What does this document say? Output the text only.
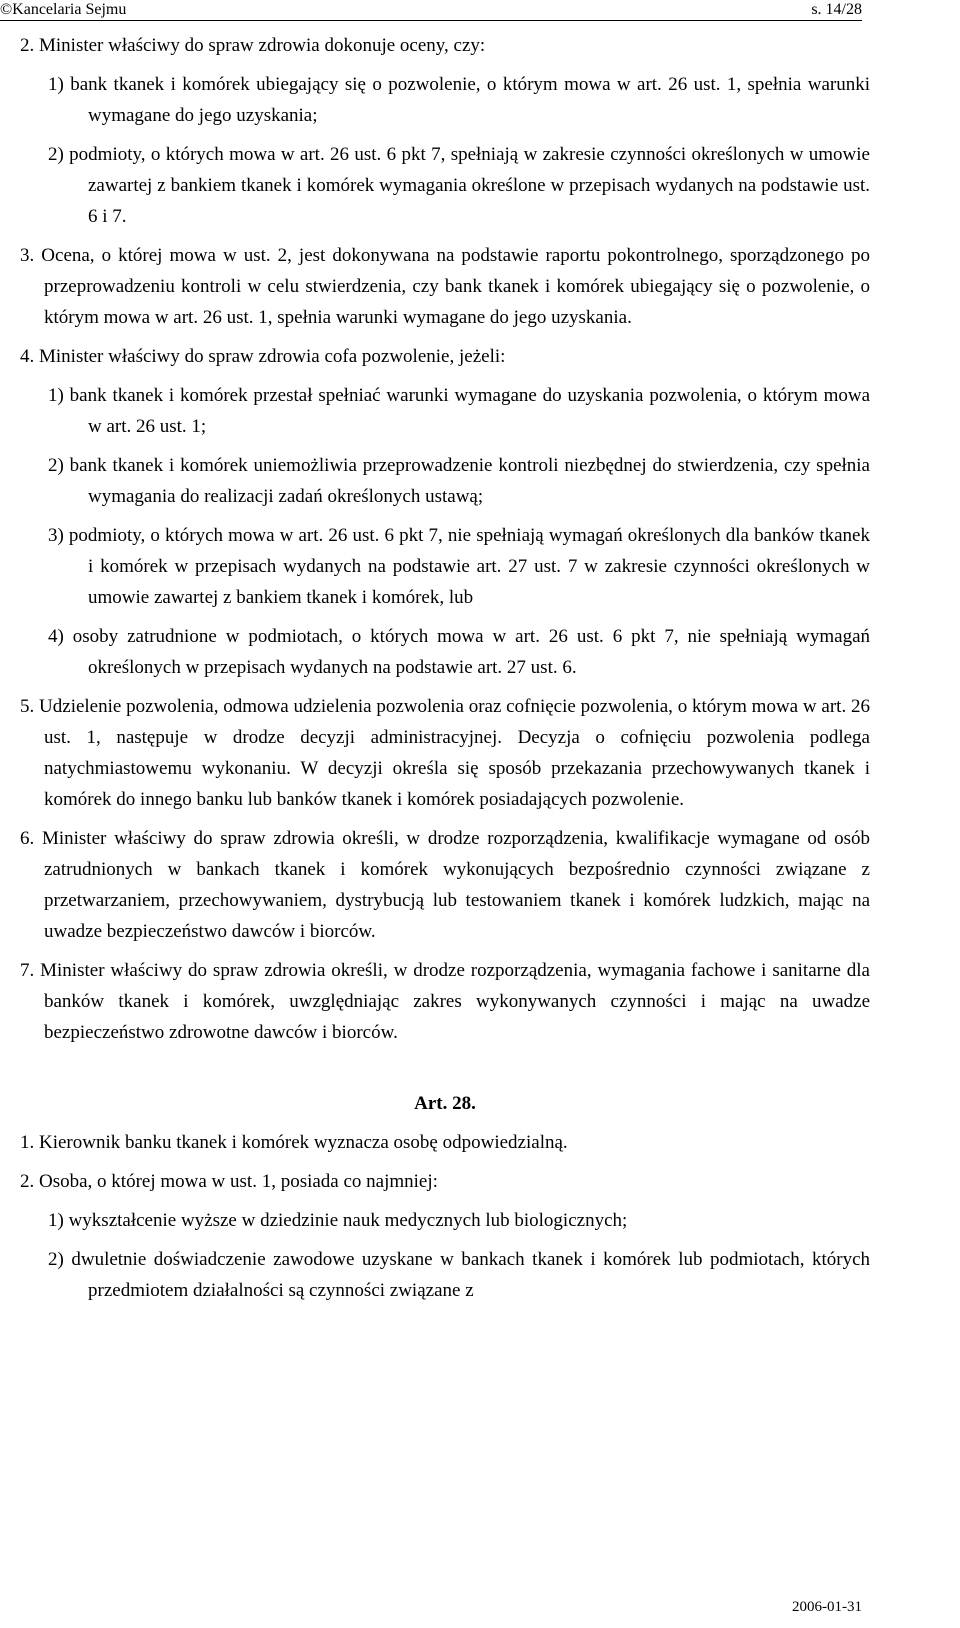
©Kancelaria Sejmu	s. 14/28
2. Minister właściwy do spraw zdrowia dokonuje oceny, czy:
1) bank tkanek i komórek ubiegający się o pozwolenie, o którym mowa w art. 26 ust. 1, spełnia warunki wymagane do jego uzyskania;
2) podmioty, o których mowa w art. 26 ust. 6 pkt 7, spełniają w zakresie czynności określonych w umowie zawartej z bankiem tkanek i komórek wymagania określone w przepisach wydanych na podstawie ust. 6 i 7.
3. Ocena, o której mowa w ust. 2, jest dokonywana na podstawie raportu pokontrolnego, sporządzonego po przeprowadzeniu kontroli w celu stwierdzenia, czy bank tkanek i komórek ubiegający się o pozwolenie, o którym mowa w art. 26 ust. 1, spełnia warunki wymagane do jego uzyskania.
4. Minister właściwy do spraw zdrowia cofa pozwolenie, jeżeli:
1) bank tkanek i komórek przestał spełniać warunki wymagane do uzyskania pozwolenia, o którym mowa w art. 26 ust. 1;
2) bank tkanek i komórek uniemożliwia przeprowadzenie kontroli niezbędnej do stwierdzenia, czy spełnia wymagania do realizacji zadań określonych ustawą;
3) podmioty, o których mowa w art. 26 ust. 6 pkt 7, nie spełniają wymagań określonych dla banków tkanek i komórek w przepisach wydanych na podstawie art. 27 ust. 7 w zakresie czynności określonych w umowie zawartej z bankiem tkanek i komórek, lub
4) osoby zatrudnione w podmiotach, o których mowa w art. 26 ust. 6 pkt 7, nie spełniają wymagań określonych w przepisach wydanych na podstawie art. 27 ust. 6.
5. Udzielenie pozwolenia, odmowa udzielenia pozwolenia oraz cofnięcie pozwolenia, o którym mowa w art. 26 ust. 1, następuje w drodze decyzji administracyjnej. Decyzja o cofnięciu pozwolenia podlega natychmiastowemu wykonaniu. W decyzji określa się sposób przekazania przechowywanych tkanek i komórek do innego banku lub banków tkanek i komórek posiadających pozwolenie.
6. Minister właściwy do spraw zdrowia określi, w drodze rozporządzenia, kwalifikacje wymagane od osób zatrudnionych w bankach tkanek i komórek wykonujących bezpośrednio czynności związane z przetwarzaniem, przechowywaniem, dystrybucją lub testowaniem tkanek i komórek ludzkich, mając na uwadze bezpieczeństwo dawców i biorców.
7. Minister właściwy do spraw zdrowia określi, w drodze rozporządzenia, wymagania fachowe i sanitarne dla banków tkanek i komórek, uwzględniając zakres wykonywanych czynności i mając na uwadze bezpieczeństwo zdrowotne dawców i biorców.
Art. 28.
1. Kierownik banku tkanek i komórek wyznacza osobę odpowiedzialną.
2. Osoba, o której mowa w ust. 1, posiada co najmniej:
1) wykształcenie wyższe w dziedzinie nauk medycznych lub biologicznych;
2) dwuletnie doświadczenie zawodowe uzyskane w bankach tkanek i komórek lub podmiotach, których przedmiotem działalności są czynności związane z
2006-01-31
